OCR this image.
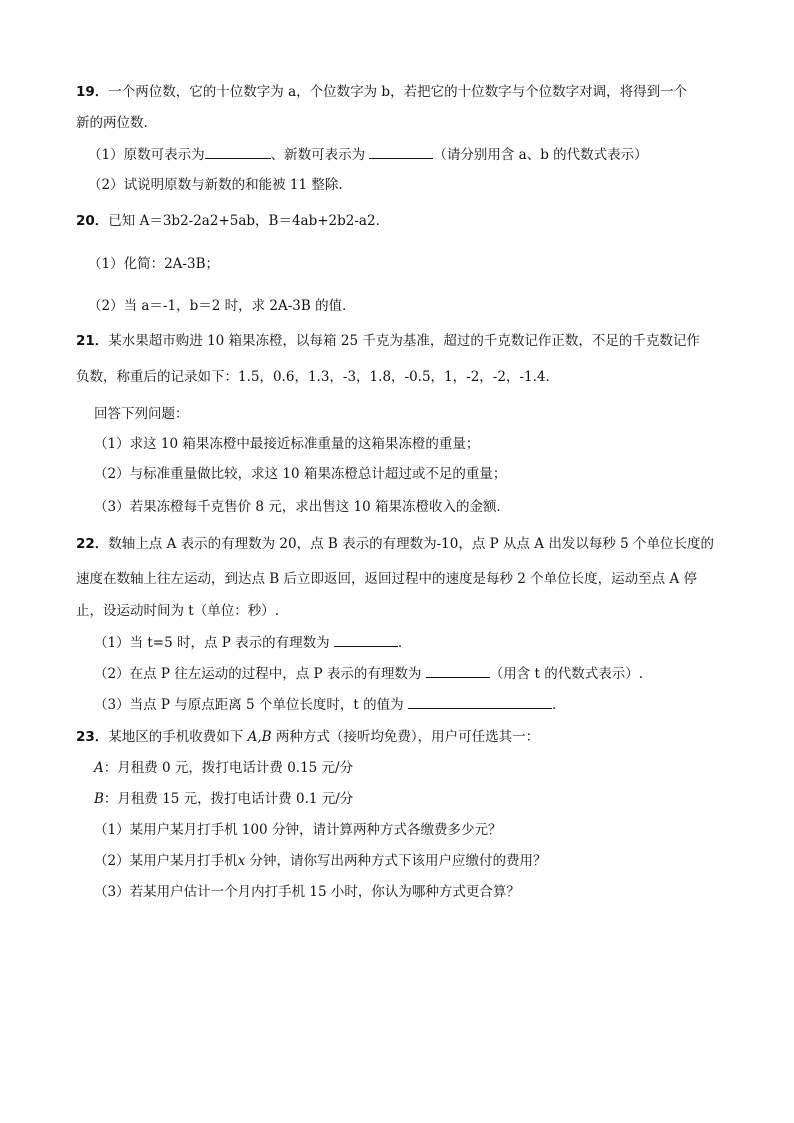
19．一个两位数，它的十位数字为 a，个位数字为 b，若把它的十位数字与个位数字对调，将得到一个
新的两位数.
（1）原数可表示为	、新数可表示为	（请分别用含 a、b 的代数式表示）
（2）试说明原数与新数的和能被 11 整除.
20．已知 A＝3b2-2a2+5ab，B＝4ab+2b2-a2．
（1）化简：2A-3B；
（2）当 a＝-1，b＝2 时，求 2A-3B 的值．
21．某水果超市购进 10 箱果冻橙，以每箱 25 千克为基准，超过的千克数记作正数，不足的千克数记作
负数，称重后的记录如下：1.5，0.6，1.3，-3，1.8，-0.5，1，-2，-2，-1.4．
回答下列问题：
（1）求这 10 箱果冻橙中最接近标准重量的这箱果冻橙的重量；
（2）与标准重量做比较，求这 10 箱果冻橙总计超过或不足的重量；
（3）若果冻橙每千克售价 8 元，求出售这 10 箱果冻橙收入的金额．
22．数轴上点 A 表示的有理数为 20，点 B 表示的有理数为-10，点 P 从点 A 出发以每秒 5 个单位长度的
速度在数轴上往左运动，到达点 B 后立即返回，返回过程中的速度是每秒 2 个单位长度，运动至点 A 停
止，设运动时间为 t（单位：秒）.
（1）当 t=5 时，点 P 表示的有理数为	．
（2）在点 P 往左运动的过程中，点 P 表示的有理数为	（用含 t 的代数式表示）.
（3）当点 P 与原点距离 5 个单位长度时，t 的值为	．
23．某地区的手机收费如下 A,B 两种方式（接听均免费），用户可任选其一：
A：月租费 0 元，拨打电话计费 0.15 元/分
B：月租费 15 元，拨打电话计费 0.1 元/分
（1）某用户某月打手机 100 分钟，请计算两种方式各缴费多少元？
（2）某用户某月打手机x 分钟，请你写出两种方式下该用户应缴付的费用？
（3）若某用户估计一个月内打手机 15 小时，你认为哪种方式更合算？
